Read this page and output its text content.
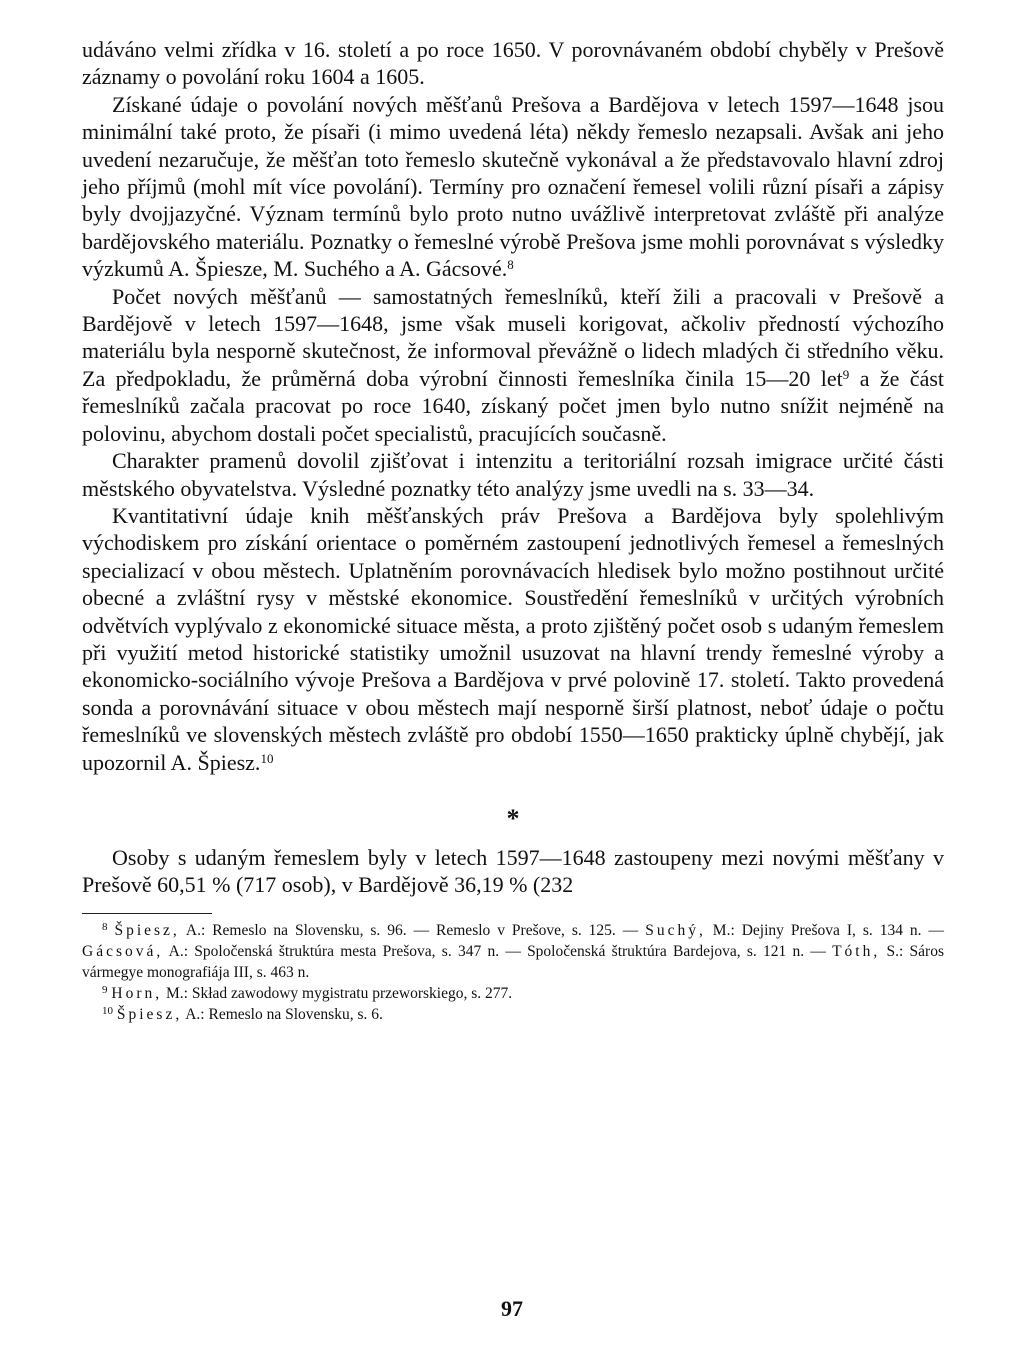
udáváno velmi zřídka v 16. století a po roce 1650. V porovnávaném období chyběly v Prešově záznamy o povolání roku 1604 a 1605.

Získané údaje o povolání nových měšťanů Prešova a Bardějova v letech 1597—1648 jsou minimální také proto, že písaři (i mimo uvedená léta) někdy řemeslo nezapsali. Avšak ani jeho uvedení nezaručuje, že měšťan toto řemeslo skutečně vykonával a že představovalo hlavní zdroj jeho příjmů (mohl mít více povolání). Termíny pro označení řemesel volili různí písaři a zápisy byly dvojjazyčné. Význam termínů bylo proto nutno uvážlivě interpretovat zvláště při analýze bardějovského materiálu. Poznatky o řemeslné výrobě Prešova jsme mohli porovnávat s výsledky výzkumů A. Špiesze, M. Suchého a A. Gácsové.$^8$

Počet nových měšťanů — samostatných řemeslníků, kteří žili a pracovali v Prešově a Bardějově v letech 1597—1648, jsme však museli korigovat, ačkoliv předností výchozího materiálu byla nesporně skutečnost, že informoval převážně o lidech mladých či středního věku. Za předpokladu, že průměrná doba výrobní činnosti řemeslníka činila 15—20 let$^9$ a že část řemeslníků začala pracovat po roce 1640, získaný počet jmen bylo nutno snížit nejméně na polovinu, abychom dostali počet specialistů, pracujících současně.

Charakter pramenů dovolil zjišťovat i intenzitu a teritoriální rozsah imigrace určité části městského obyvatelstva. Výsledné poznatky této analýzy jsme uvedli na s. 33—34.

Kvantitativní údaje knih měšťanských práv Prešova a Bardějova byly spolehlivým východiskem pro získání orientace o poměrném zastoupení jednotlivých řemesel a řemeslných specializací v obou městech. Uplatněním porovnávacích hledisek bylo možno postihnout určité obecné a zvláštní rysy v městské ekonomice. Soustředění řemeslníků v určitých výrobních odvětvích vyplývalo z ekonomické situace města, a proto zjištěný počet osob s udaným řemeslem při využití metod historické statistiky umožnil usuzovat na hlavní trendy řemeslné výroby a ekonomicko-sociálního vývoje Prešova a Bardějova v prvé polovině 17. století. Takto provedená sonda a porovnávání situace v obou městech mají nesporně širší platnost, neboť údaje o počtu řemeslníků ve slovenských městech zvláště pro období 1550—1650 prakticky úplně chybějí, jak upozornil A. Špiesz.$^{10}$

*

Osoby s udaným řemeslem byly v letech 1597—1648 zastoupeny mezi novými měšťany v Prešově 60,51 % (717 osob), v Bardějově 36,19 % (232

$^8$ Špiesz, A.: Remeslo na Slovensku, s. 96. — Remeslo v Prešove, s. 125. — Suchý, M.: Dejiny Prešova I, s. 134 n. — Gácsová, A.: Spoločenská štruktúra mesta Prešova, s. 347 n. — Spoločenská štruktúra Bardejova, s. 121 n. — Tóth, S.: Sáros vármegye monografiája III, s. 463 n.

$^9$ Horn, M.: Skład zawodowy mygistratu przeworskiego, s. 277.

$^{10}$ Špiesz, A.: Remeslo na Slovensku, s. 6.

97
